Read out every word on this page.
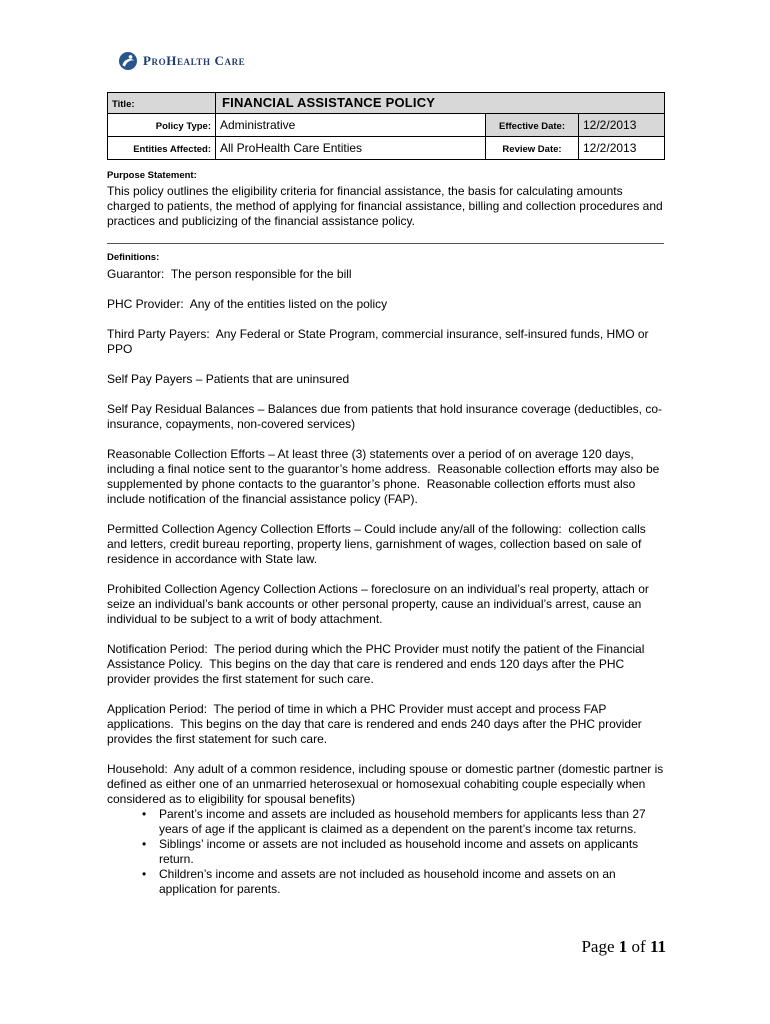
ProHealth Care
Title:	FINANCIAL ASSISTANCE POLICY		
Policy Type:	Administrative	Effective Date:	12/2/2013
Entities Affected:	All ProHealth Care Entities	Review Date:	12/2/2013
Purpose Statement:

This policy outlines the eligibility criteria for financial assistance, the basis for calculating amounts charged to patients, the method of applying for financial assistance, billing and collection procedures and practices and publicizing of the financial assistance policy.

Definitions:

Guarantor:  The person responsible for the bill

PHC Provider:  Any of the entities listed on the policy

Third Party Payers:  Any Federal or State Program, commercial insurance, self-insured funds, HMO or PPO

Self Pay Payers – Patients that are uninsured

Self Pay Residual Balances – Balances due from patients that hold insurance coverage (deductibles, co-insurance, copayments, non-covered services)

Reasonable Collection Efforts – At least three (3) statements over a period of on average 120 days, including a final notice sent to the guarantor’s home address.  Reasonable collection efforts may also be supplemented by phone contacts to the guarantor’s phone.  Reasonable collection efforts must also include notification of the financial assistance policy (FAP).

Permitted Collection Agency Collection Efforts – Could include any/all of the following:  collection calls and letters, credit bureau reporting, property liens, garnishment of wages, collection based on sale of residence in accordance with State law.

Prohibited Collection Agency Collection Actions – foreclosure on an individual’s real property, attach or seize an individual’s bank accounts or other personal property, cause an individual’s arrest, cause an individual to be subject to a writ of body attachment.

Notification Period:  The period during which the PHC Provider must notify the patient of the Financial Assistance Policy.  This begins on the day that care is rendered and ends 120 days after the PHC provider provides the first statement for such care.

Application Period:  The period of time in which a PHC Provider must accept and process FAP applications.  This begins on the day that care is rendered and ends 240 days after the PHC provider provides the first statement for such care.

Household:  Any adult of a common residence, including spouse or domestic partner (domestic partner is defined as either one of an unmarried heterosexual or homosexual cohabiting couple especially when considered as to eligibility for spousal benefits)

• Parent’s income and assets are included as household members for applicants less than 27 years of age if the applicant is claimed as a dependent on the parent’s income tax returns.
• Siblings’ income or assets are not included as household income and assets on applicants return.
• Children’s income and assets are not included as household income and assets on an application for parents.
Page 1 of 11
